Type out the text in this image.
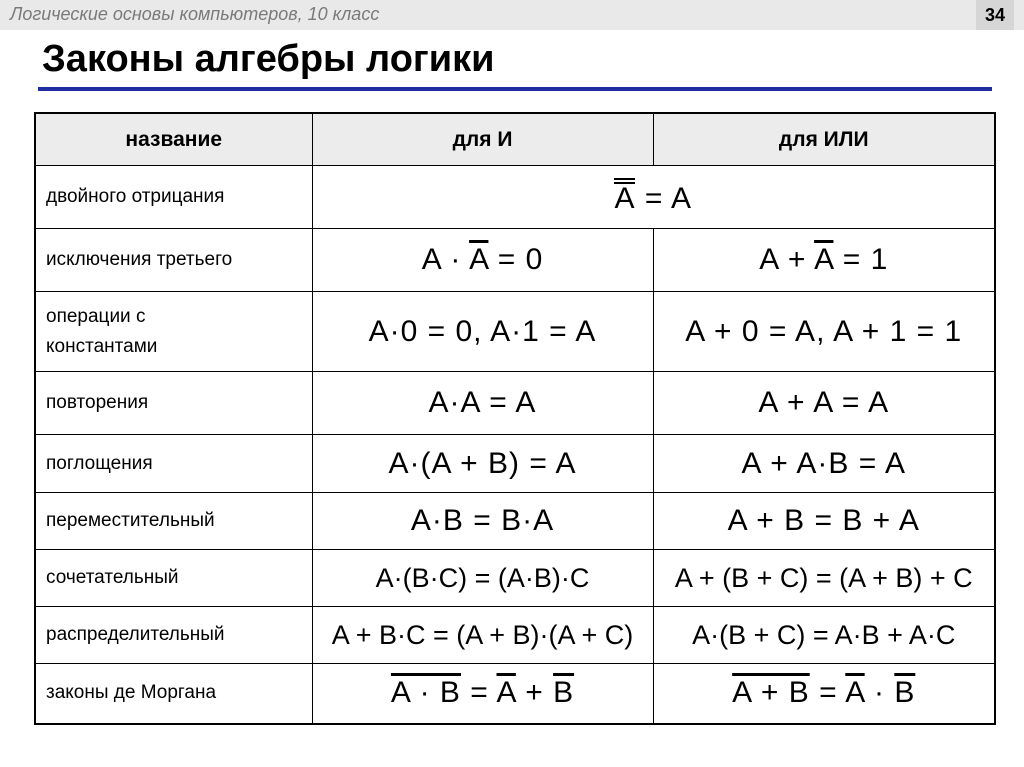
Логические основы компьютеров, 10 класс	34
Законы алгебры логики
название	для И	для ИЛИ
двойного отрицания	A = A	
исключения третьего	$A \cdot \overline{A} = 0$	$A + \overline{A} = 1$
операции с
константами	A·0 = 0, A·1 = A	A + 0 = A, A + 1 = 1
повторения	A·A = A	A + A = A
поглощения	A·(A + B) = A	A + A·B = A
переместительный	A·B = B·A	A + B = B + A
сочетательный	A·(B·C) = (A·B)·C	A + (B + C) = (A + B) + C
распределительный	A + B·C = (A + B)·(A + C)	A·(B + C) = A·B + A·C
законы де Моргана	$A \cdot B = \overline{A} + \overline{B}$	$A + B = \overline{A} \cdot \overline{B}$
